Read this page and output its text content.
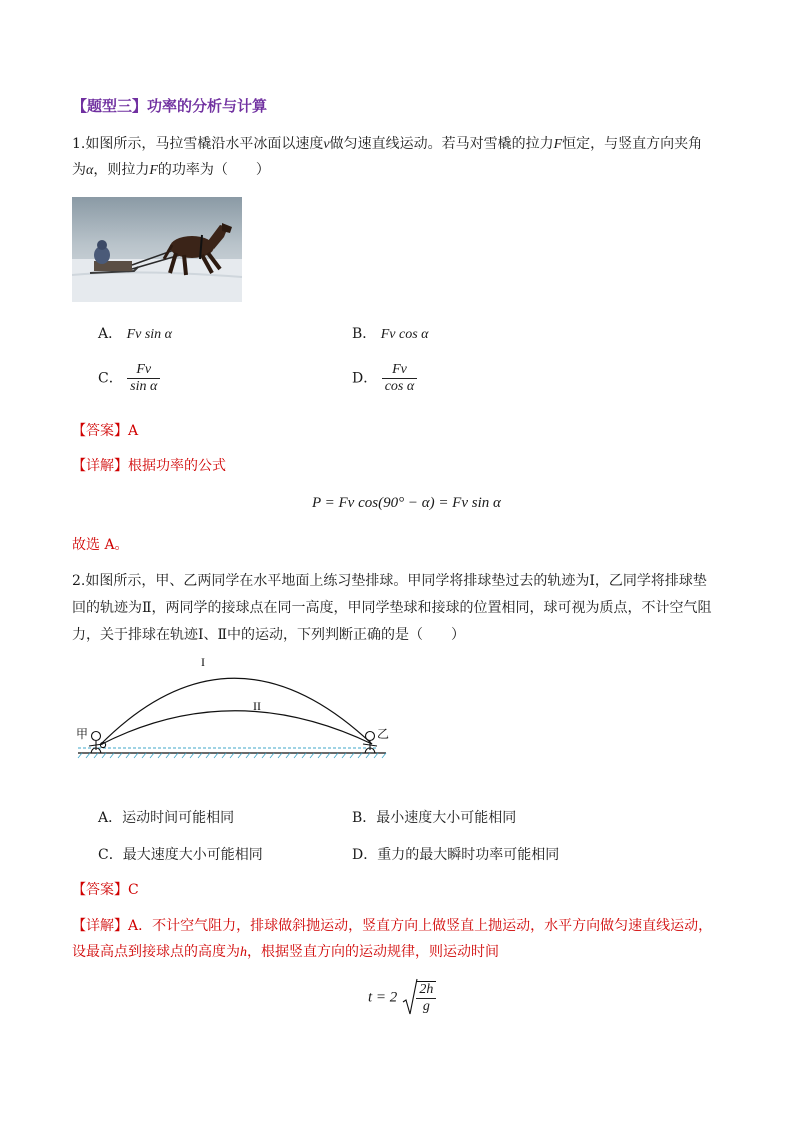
【题型三】功率的分析与计算
1.如图所示，马拉雪橇沿水平冰面以速度v做匀速直线运动。若马对雪橇的拉力F恒定，与竖直方向夹角
为α，则拉力F的功率为（　　）
A． Fv sin α	B． Fv cos α
C． $\frac{Fv}{\text{sin α}}$	D． $\frac{Fv}{\text{cos α}}$
【答案】A
【详解】根据功率的公式
P = Fv cos(90° − α) = Fv sin α
故选 A。
2.如图所示，甲、乙两同学在水平地面上练习垫排球。甲同学将排球垫过去的轨迹为Ⅰ，乙同学将排球垫
回的轨迹为Ⅱ，两同学的接球点在同一高度，甲同学垫球和接球的位置相同，球可视为质点，不计空气阻
力，关于排球在轨迹Ⅰ、Ⅱ中的运动，下列判断正确的是（　　）
甲	乙
I
II
A．运动时间可能相同	B．最小速度大小可能相同
C．最大速度大小可能相同	D．重力的最大瞬时功率可能相同
【答案】C
【详解】A．不计空气阻力，排球做斜抛运动，竖直方向上做竖直上抛运动，水平方向做匀速直线运动，
设最高点到接球点的高度为h，根据竖直方向的运动规律，则运动时间
$t = 2 \frac{2h}{g}$
